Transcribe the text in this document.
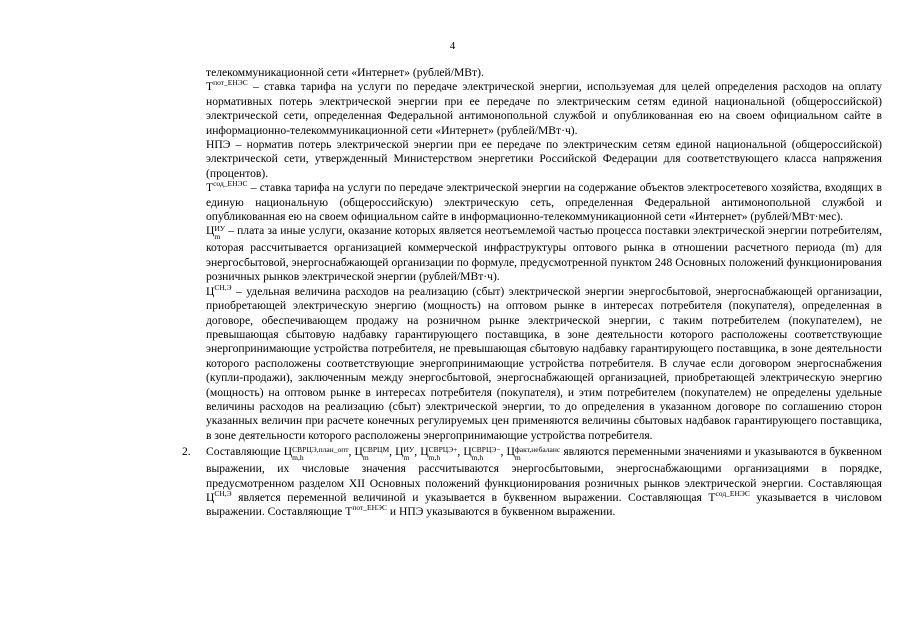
4

телекоммуникационной сети «Интернет» (рублей/МВт).

$Т^{пот\_ЕНЭС}$ – ставка тарифа на услуги по передаче электрической энергии, используемая для целей определения расходов на оплату нормативных потерь электрической энергии при ее передаче по электрическим сетям единой национальной (общероссийской) электрической сети, определенная Федеральной антимонопольной службой и опубликованная ею на своем официальном сайте в информационно-телекоммуникационной сети «Интернет» (рублей/МВт·ч).

НПЭ – норматив потерь электрической энергии при ее передаче по электрическим сетям единой национальной (общероссийской) электрической сети, утвержденный Министерством энергетики Российской Федерации для соответствующего класса напряжения (процентов).

$Т^{сод\_ЕНЭС}$ – ставка тарифа на услуги по передаче электрической энергии на содержание объектов электросетевого хозяйства, входящих в единую национальную (общероссийскую) электрическую сеть, определенная Федеральной антимонопольной службой и опубликованная ею на своем официальном сайте в информационно-телекоммуникационной сети «Интернет» (рублей/МВт·мес).

Ц ИУ
m – плата за иные услуги, оказание которых является неотъемлемой частью процесса поставки электрической энергии потребителям, которая рассчитывается организацией коммерческой инфраструктуры оптового рынка в отношении расчетного периода (m) для энергосбытовой, энергоснабжающей организации по формуле, предусмотренной пунктом 248 Основных положений функционирования розничных рынков электрической энергии (рублей/МВт·ч).

$Ц^{СН,Э}$ – удельная величина расходов на реализацию (сбыт) электрической энергии энергосбытовой, энергоснабжающей организации, приобретающей электрическую энергию (мощность) на оптовом рынке в интересах потребителя (покупателя), определенная в договоре, обеспечивающем продажу на розничном рынке электрической энергии, с таким потребителем (покупателем), не превышающая сбытовую надбавку гарантирующего поставщика, в зоне деятельности которого расположены соответствующие энергопринимающие устройства потребителя, не превышающая сбытовую надбавку гарантирующего поставщика, в зоне деятельности которого расположены соответствующие энергопринимающие устройства потребителя. В случае если договором энергоснабжения (купли-продажи), заключенным между энергосбытовой, энергоснабжающей организацией, приобретающей электрическую энергию (мощность) на оптовом рынке в интересах потребителя (покупателя), и этим потребителем (покупателем) не определены удельные величины расходов на реализацию (сбыт) электрической энергии, то до определения в указанном договоре по соглашению сторон указанных величин при расчете конечных регулируемых цен применяются величины сбытовых надбавок гарантирующего поставщика, в зоне деятельности которого расположены энергопринимающие устройства потребителя.

2. Составляющие Ц СВРЦЭ,план_опт
m,h	, Ц СВРЦМ
m	, Ц ИУ
m , Ц СВРЦЭ+
m,h	, Ц СВРЦЭ−
m,h	, Ц факт,небаланс
m	являются переменными значениями и указываются в буквенном выражении, их числовые значения рассчитываются энергосбытовыми, энергоснабжающими организациями в порядке, предусмотренном разделом XII Основных положений функционирования розничных рынков электрической энергии. Составляющая $Ц^{СН,Э}$ является переменной величиной и указывается в буквенном выражении. Составляющая $Т^{сод\_ЕНЭС}$ указывается в числовом выражении. Составляющие $Т^{пот\_ЕНЭС}$ и НПЭ указываются в буквенном выражении.
